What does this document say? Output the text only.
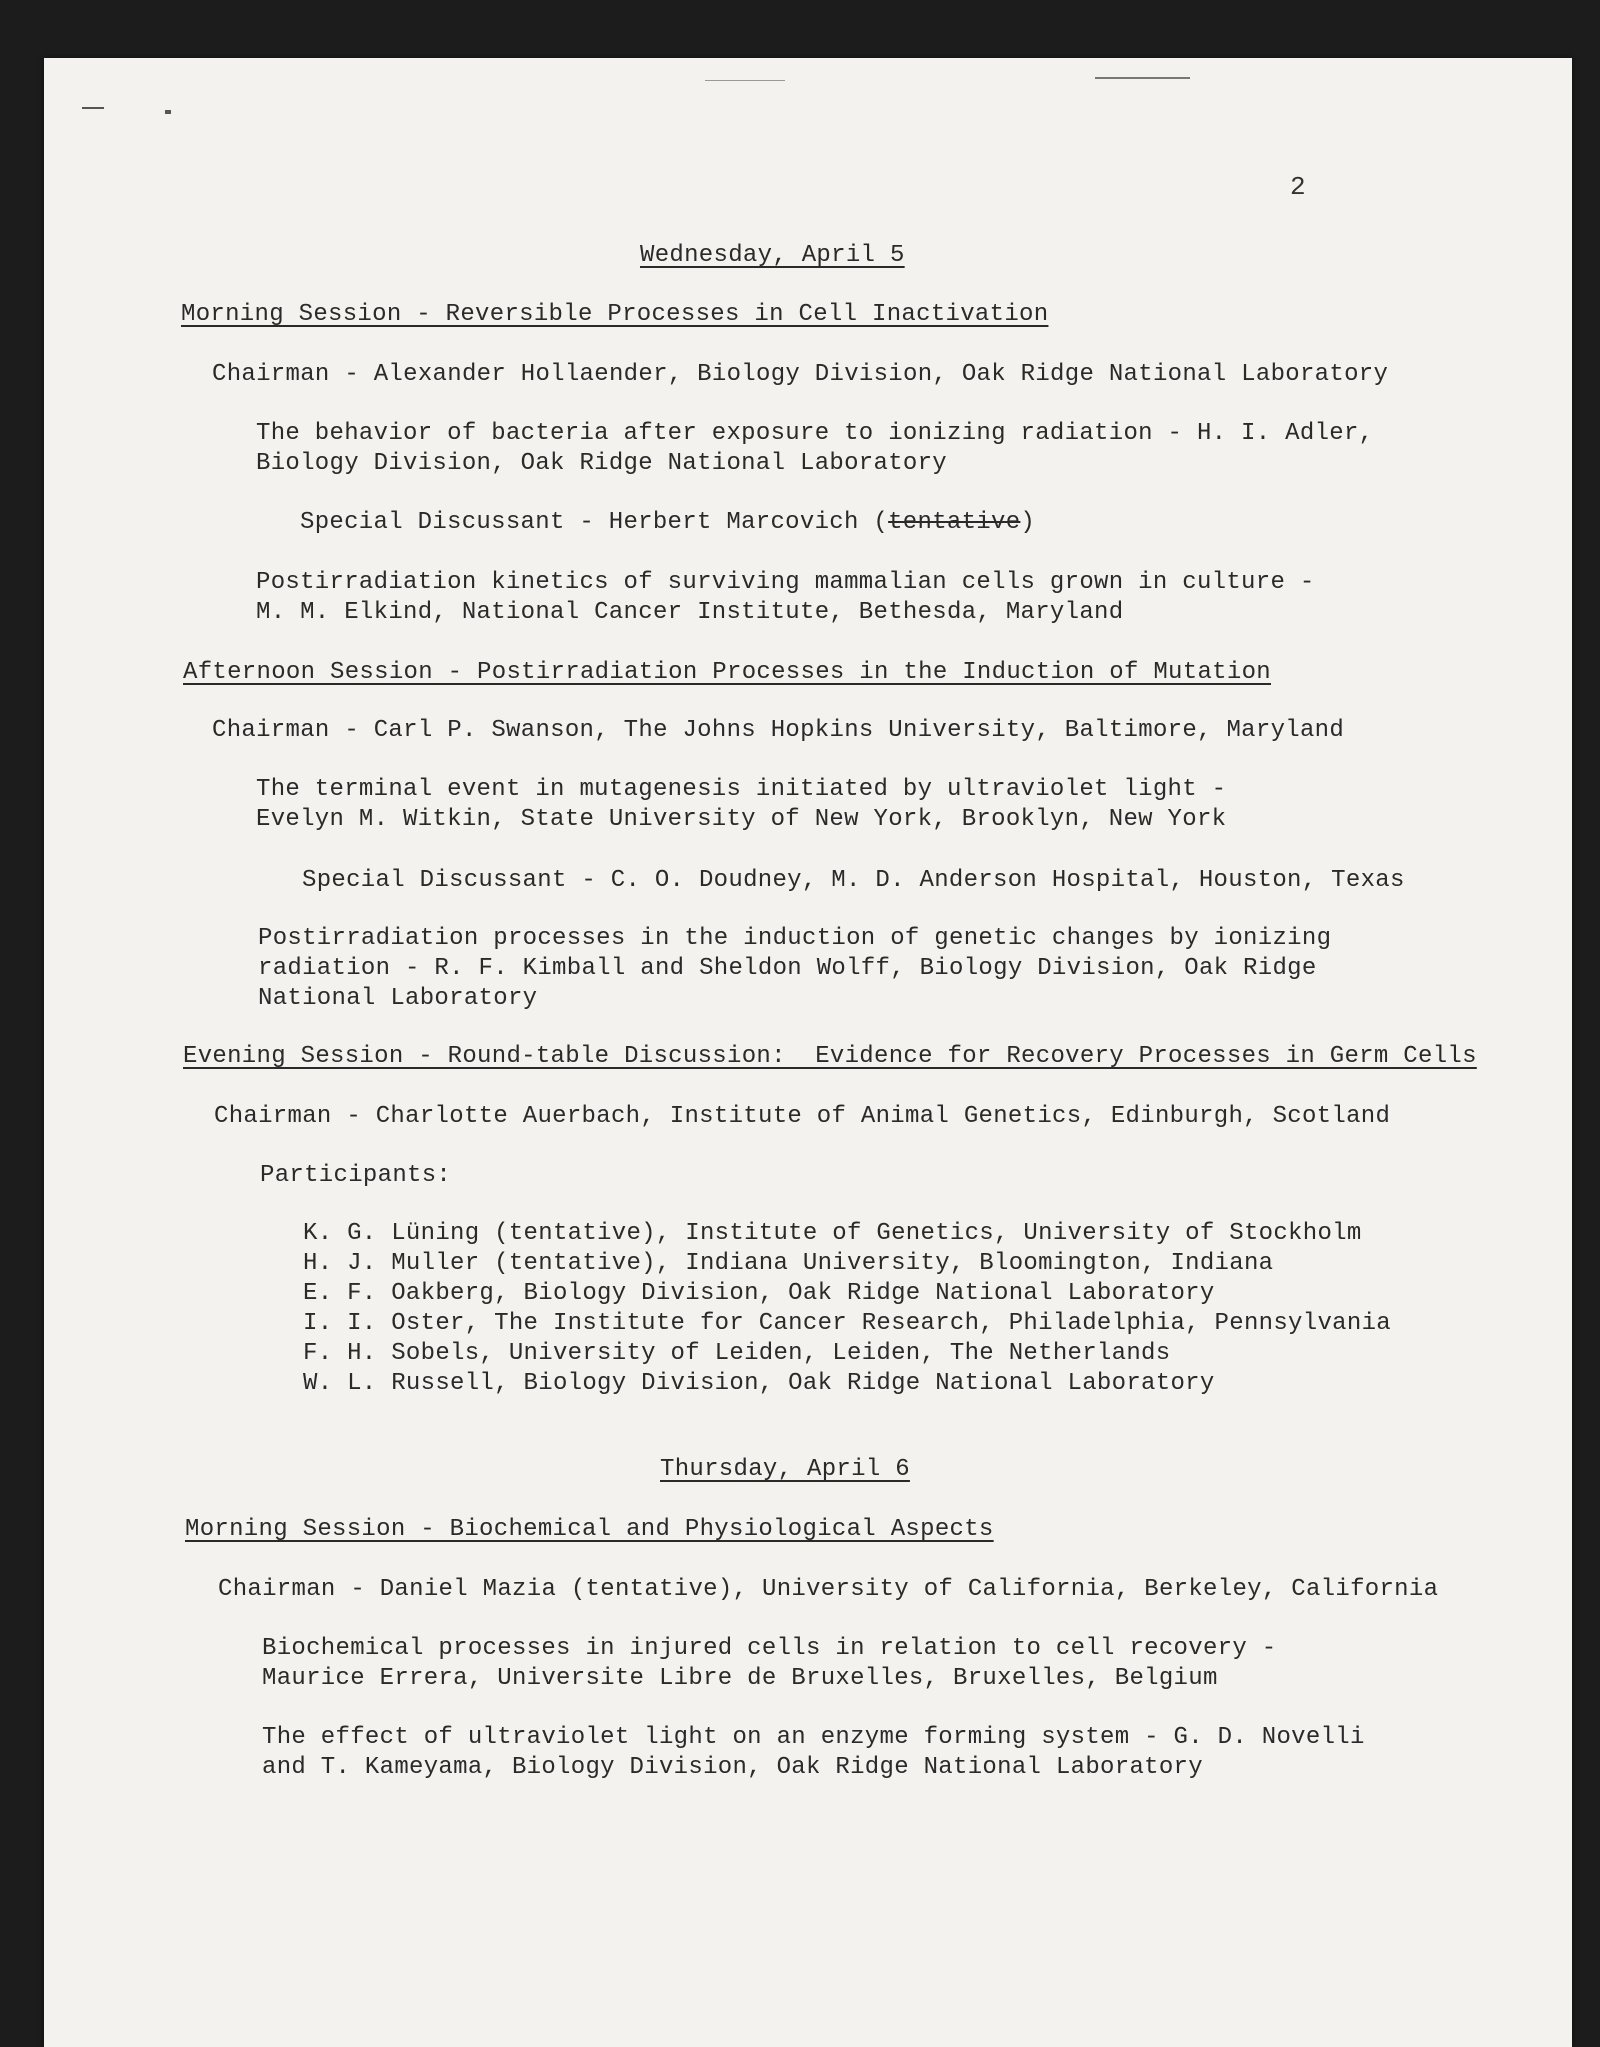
2
Wednesday, April 5
Morning Session - Reversible Processes in Cell Inactivation
Chairman - Alexander Hollaender, Biology Division, Oak Ridge National Laboratory
The behavior of bacteria after exposure to ionizing radiation - H. I. Adler,
Biology Division, Oak Ridge National Laboratory
Special Discussant - Herbert Marcovich (tentative)
Postirradiation kinetics of surviving mammalian cells grown in culture -
M. M. Elkind, National Cancer Institute, Bethesda, Maryland
Afternoon Session - Postirradiation Processes in the Induction of Mutation
Chairman - Carl P. Swanson, The Johns Hopkins University, Baltimore, Maryland
The terminal event in mutagenesis initiated by ultraviolet light -
Evelyn M. Witkin, State University of New York, Brooklyn, New York
Special Discussant - C. O. Doudney, M. D. Anderson Hospital, Houston, Texas
Postirradiation processes in the induction of genetic changes by ionizing
radiation - R. F. Kimball and Sheldon Wolff, Biology Division, Oak Ridge
National Laboratory
Evening Session - Round-table Discussion:  Evidence for Recovery Processes in Germ Cells
Chairman - Charlotte Auerbach, Institute of Animal Genetics, Edinburgh, Scotland
Participants:
K. G. Lüning (tentative), Institute of Genetics, University of Stockholm
H. J. Muller (tentative), Indiana University, Bloomington, Indiana
E. F. Oakberg, Biology Division, Oak Ridge National Laboratory
I. I. Oster, The Institute for Cancer Research, Philadelphia, Pennsylvania
F. H. Sobels, University of Leiden, Leiden, The Netherlands
W. L. Russell, Biology Division, Oak Ridge National Laboratory
Thursday, April 6
Morning Session - Biochemical and Physiological Aspects
Chairman - Daniel Mazia (tentative), University of California, Berkeley, California
Biochemical processes in injured cells in relation to cell recovery -
Maurice Errera, Universite Libre de Bruxelles, Bruxelles, Belgium
The effect of ultraviolet light on an enzyme forming system - G. D. Novelli
and T. Kameyama, Biology Division, Oak Ridge National Laboratory
